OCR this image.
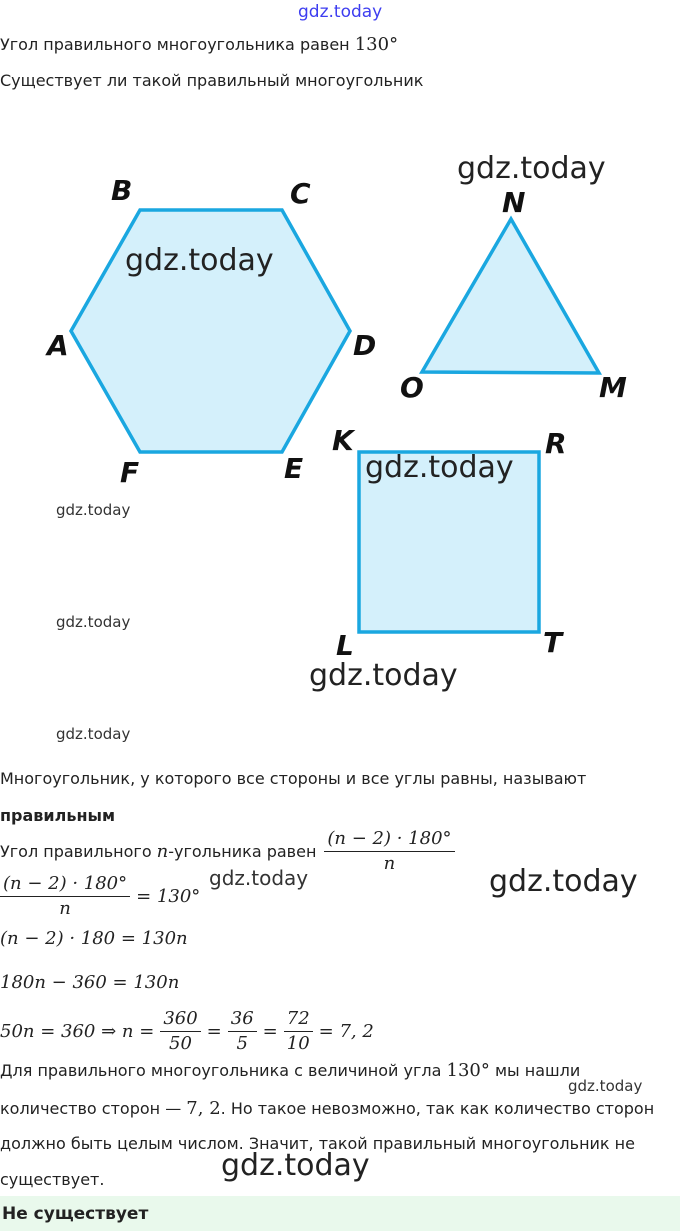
gdz.today
Угол правильного многоугольника равен 130°
Существует ли такой правильный многоугольник
B	C
D
E
F
A
N
O	M
K	R
T
L
gdz.today
gdz.today
gdz.today
gdz.today
gdz.today
gdz.today
gdz.today
Многоугольник, у которого все стороны и все углы равны, называют
правильным
Угол правильного n -угольника равен $\frac{(n - 2) \cdot 180^\circ}{n}$
$\frac{(n - 2) \cdot 180^\circ}{n} = 130^\circ$
gdz.today	gdz.today
(n − 2) · 180 = 130n
180n − 360 = 130n
50n = 360 ⇒ $n = \frac{360}{50} = \frac{36}{5} = \frac{72}{10} = 7$, 2
Для правильного многоугольника с величиной угла 130° мы нашли
gdz.today
количество сторон — 7, 2. Но такое невозможно, так как количество сторон
должно быть целым числом. Значит, такой правильный многоугольник не
существует.	gdz.today
Не существует
